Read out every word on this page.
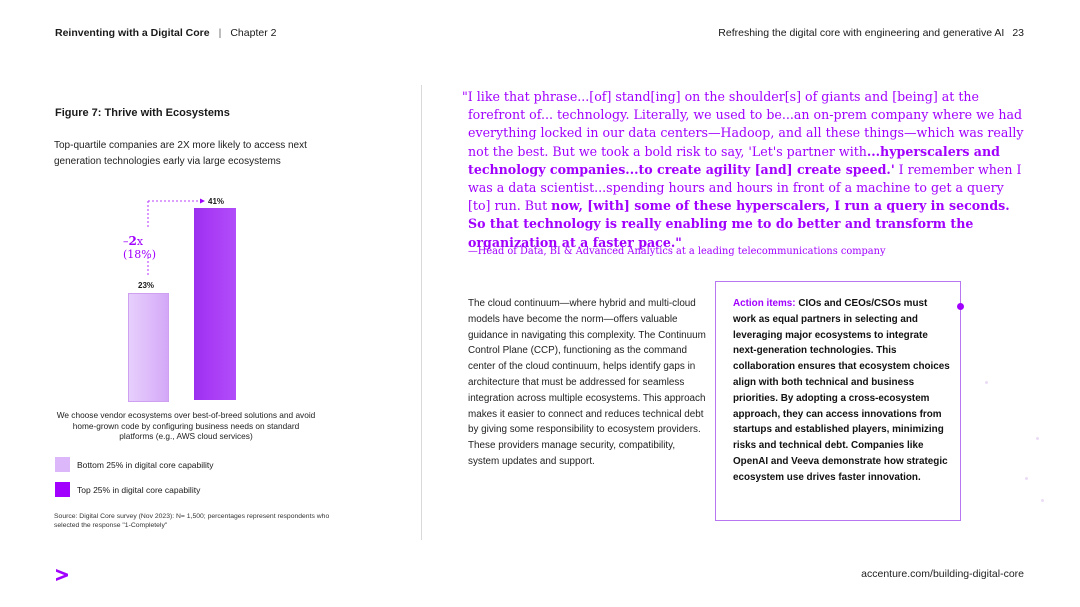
Reinventing with a Digital Core | Chapter 2	Refreshing the digital core with engineering and generative AI 23
Figure 7: Thrive with Ecosystems
Top-quartile companies are 2X more likely to access next generation technologies early via large ecosystems
23%
41%
–2x (18%)
We choose vendor ecosystems over best-of-breed solutions and avoid home-grown code by configuring business needs on standard platforms (e.g., AWS cloud services)
Bottom 25% in digital core capability
Top 25% in digital core capability
Source: Digital Core survey (Nov 2023): N= 1,500; percentages represent respondents who selected the response "1-Completely"
"I like that phrase...[of] stand[ing] on the shoulder[s] of giants and [being] at the forefront of... technology. Literally, we used to be...an on-prem company where we had everything locked in our data centers—Hadoop, and all these things—which was really not the best. But we took a bold risk to say, 'Let's partner with...hyperscalers and technology companies...to create agility [and] create speed.' I remember when I was a data scientist...spending hours and hours in front of a machine to get a query [to] run. But now, [with] some of these hyperscalers, I run a query in seconds. So that technology is really enabling me to do better and transform the organization at a faster pace."
—Head of Data, BI & Advanced Analytics at a leading telecommunications company
The cloud continuum—where hybrid and multi-cloud models have become the norm—offers valuable guidance in navigating this complexity. The Continuum Control Plane (CCP), functioning as the command center of the cloud continuum, helps identify gaps in architecture that must be addressed for seamless integration across multiple ecosystems. This approach makes it easier to connect and reduces technical debt by giving some responsibility to ecosystem providers. These providers manage security, compatibility, system updates and support.
Action items: CIOs and CEOs/CSOs must work as equal partners in selecting and leveraging major ecosystems to integrate next-generation technologies. This collaboration ensures that ecosystem choices align with both technical and business priorities. By adopting a cross-ecosystem approach, they can access innovations from startups and established players, minimizing risks and technical debt. Companies like OpenAI and Veeva demonstrate how strategic ecosystem use drives faster innovation.
accenture.com/building-digital-core
